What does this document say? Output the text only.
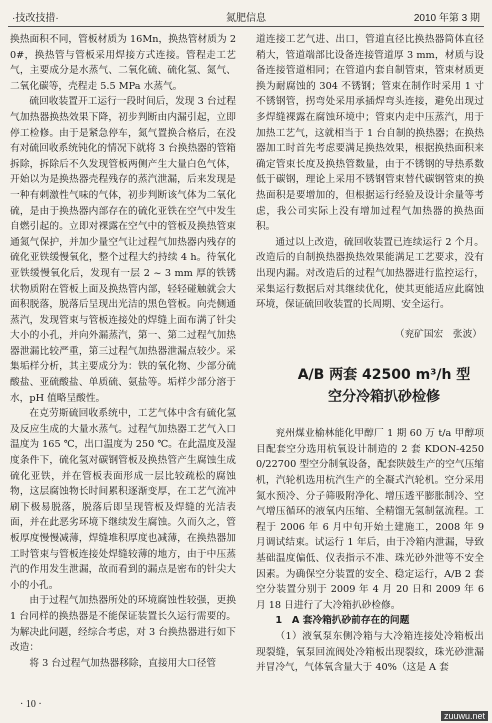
·技改技措·	氮肥信息	2010 年第 3 期

换热面积不同，管板材质为 16Mn，换热管材质为 20#，换热管与管板采用焊接方式连接。管程走工艺气，主要成分是水蒸气、二氧化硫、硫化氢、氮气、二氧化碳等，壳程走 5.5 MPa 水蒸气。

硫回收装置开工运行一段时间后，发现 3 台过程气加热器换热效果下降，初步判断由内漏引起，立即停工检修。由于是紧急停车，氮气置换合格后，在没有对硫回收系统钝化的情况下就将 3 台换热器的管箱拆除，拆除后不久发现管板两侧产生大量白色气体，开始以为是换热器壳程残存的蒸汽泄漏，后来发现是一种有刺激性气味的气体，初步判断该气体为二氧化硫，是由于换热器内部存在的硫化亚铁在空气中发生自燃引起的。立即对裸露在空气中的管板及换热管束通氮气保护，并加少量空气让过程气加热器内残存的硫化亚铁缓慢氧化，整个过程大约持续 4 h。待氧化亚铁缓慢氧化后，发现有一层 2 ~ 3 mm 厚的铁锈状物质附在管板上面及换热管内部，轻轻碰触就会大面积脱落，脱落后呈现出光洁的黑色管板。向壳侧通蒸汽，发现管束与管板连接处的焊缝上面布满了针尖大小的小孔，并向外漏蒸汽，第一、第二过程气加热器泄漏比较严重，第三过程气加热器泄漏点较少。采集垢样分析，其主要成分为：铁的氧化物、少部分硫酸盐、亚硫酸盐、单质硫、氨盐等。垢样少部分溶于水，pH 值略呈酸性。

在克劳斯硫回收系统中，工艺气体中含有硫化氢及反应生成的大量水蒸气。过程气加热器工艺气入口温度为 165 ℃，出口温度为 250 ℃。在此温度及湿度条件下，硫化氢对碳钢管板及换热管产生腐蚀生成硫化亚铁，并在管板表面形成一层比较疏松的腐蚀物，这层腐蚀物长时间累积逐渐变厚，在工艺气流冲刷下极易脱落，脱落后即呈现管板及焊缝的光洁表面，并在此恶劣环境下继续发生腐蚀。久而久之，管板厚度慢慢减薄，焊缝堆积厚度也减薄，在换热器加工时管束与管板连接处焊缝较薄的地方，由于中压蒸汽的作用发生泄漏，故而看到的漏点是密布的针尖大小的小孔。

由于过程气加热器所处的环境腐蚀性较强，更换 1 台同样的换热器是不能保证装置长久运行需要的。为解决此问题，经综合考虑，对 3 台换热器进行如下改造：

将 3 台过程气加热器移除，直接用大口径管

道连接工艺气进、出口，管道直径比换热器筒体直径稍大，管道端部比设备连接管道厚 3 mm，材质与设备连接管道相同；在管道内套自制管束，管束材质更换为耐腐蚀的 304 不锈钢；管束在制作时采用 1 寸不锈钢管，拐弯处采用承插焊弯头连接，避免出现过多焊缝裸露在腐蚀环境中；管束内走中压蒸汽，用于加热工艺气，这就相当于 1 台自制的换热器；在换热器加工时首先考虑要满足换热效果，根据换热面积来确定管束长度及换热管数量，由于不锈钢的导热系数低于碳钢，理论上采用不锈钢管束替代碳钢管束的换热面积是要增加的，但根据运行经验及设计余量等考虑，我公司实际上没有增加过程气加热器的换热面积。

通过以上改造，硫回收装置已连续运行 2 个月。改造后的自制换热器换热效果能满足工艺要求，没有出现内漏。对改造后的过程气加热器进行监控运行，采集运行数据后对其继续优化，使其更能适应此腐蚀环境，保证硫回收装置的长周期、安全运行。

（兖矿国宏　张波）

A/B 两套 42500 m³/h 型

空分冷箱扒砂检修

兖州煤业榆林能化甲醇厂 1 期 60 万 t/a 甲醇项目配套空分选用杭氧设计制造的 2 套 KDON-42500/22700 型空分制氧设备，配套陕鼓生产的空气压缩机，汽轮机选用杭汽生产的全凝式汽轮机。空分采用氮水预冷、分子筛吸附净化、增压透平膨胀制冷、空气增压循环的液氧内压缩、全精馏无氢制氩流程。工程于 2006 年 6 月中旬开始土建施工，2008 年 9 月调试结束。试运行 1 年后，由于冷箱内泄漏，导致基础温度偏低、仪表指示不准、珠光砂外泄等不安全因素。为确保空分装置的安全、稳定运行，A/B 2 套空分装置分别于 2009 年 4 月 20 日和 2009 年 6 月 18 日进行了大冷箱扒砂检修。

1　A 套冷箱扒砂前存在的问题

（1）液氧泵东侧冷箱与大冷箱连接处冷箱板出现裂缝，氧泵回流阀处冷箱板出现裂纹，珠光砂泄漏并冒冷气，气体氧含量大于 40%（这是 A 套

· 10 ·
zuuwu.net
